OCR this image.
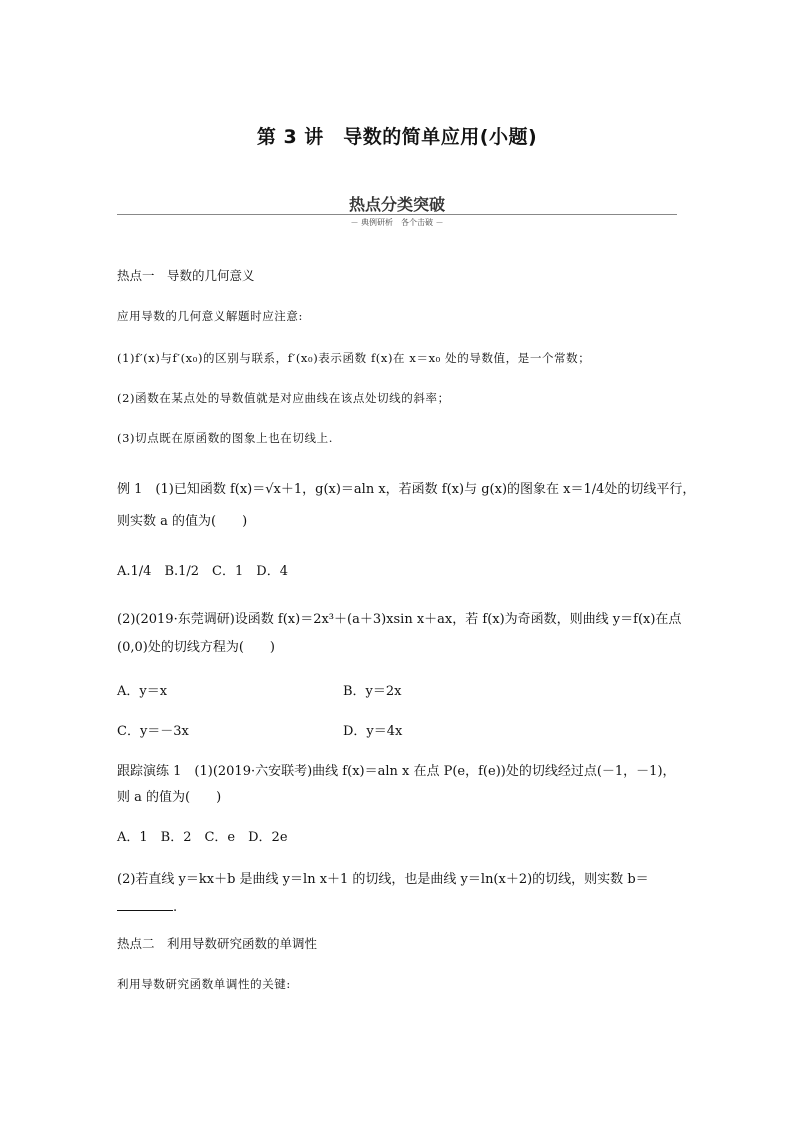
第 3 讲　导数的简单应用(小题)
热点分类突破
－ 典例研析　各个击破 －
热点一　导数的几何意义
应用导数的几何意义解题时应注意:
(1)f′(x)与f′(x₀)的区别与联系，f′(x₀)表示函数 f(x)在 x＝x₀ 处的导数值，是一个常数；
(2)函数在某点处的导数值就是对应曲线在该点处切线的斜率；
(3)切点既在原函数的图象上也在切线上.
例 1　(1)已知函数 f(x)＝√x＋1，g(x)＝aln x，若函数 f(x)与 g(x)的图象在 x＝1/4处的切线平行，
则实数 a 的值为(　　)
A.1/4　B.1/2　C．1　D．4
(2)(2019·东莞调研)设函数 f(x)＝2x³＋(a＋3)xsin x＋ax，若 f(x)为奇函数，则曲线 y＝f(x)在点
(0,0)处的切线方程为(　　)
A．y＝x	B．y＝2x
C．y＝－3x	D．y＝4x
跟踪演练 1　(1)(2019·六安联考)曲线 f(x)＝aln x 在点 P(e，f(e))处的切线经过点(－1，－1)，
则 a 的值为(　　)
A．1　B．2　C．e　D．2e
(2)若直线 y＝kx＋b 是曲线 y＝ln x＋1 的切线，也是曲线 y＝ln(x＋2)的切线，则实数 b＝
.
热点二　利用导数研究函数的单调性
利用导数研究函数单调性的关键:
